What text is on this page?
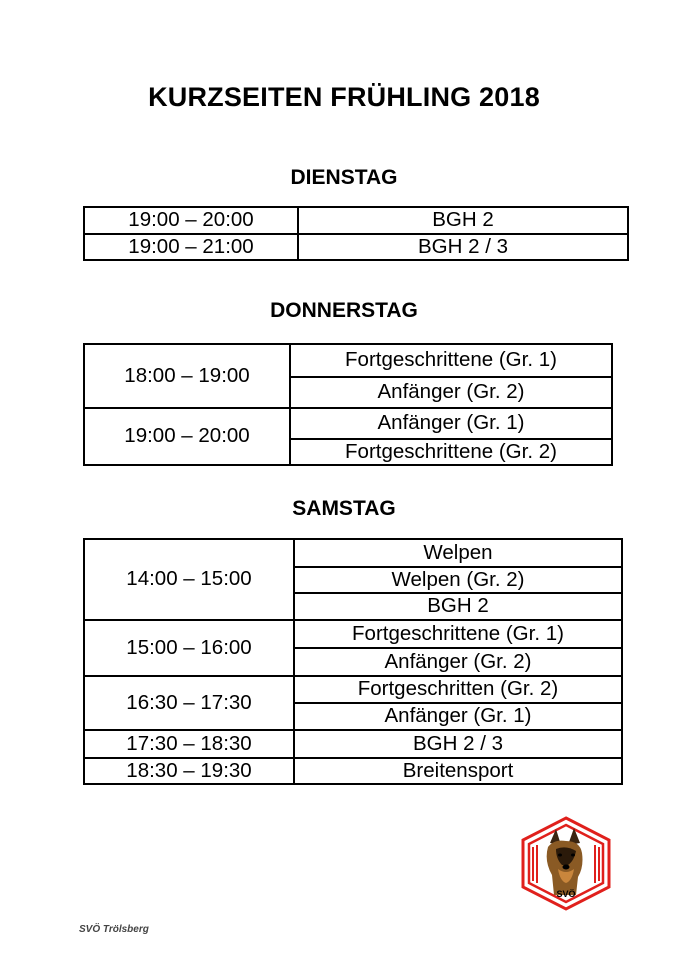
KURZSEITEN FRÜHLING 2018
DIENSTAG
19:00 – 20:00	BGH 2
19:00 – 21:00	BGH 2 / 3
DONNERSTAG
18:00 – 19:00	Fortgeschrittene (Gr. 1)
	Anfänger (Gr. 2)
19:00 – 20:00	Anfänger (Gr. 1)
	Fortgeschrittene (Gr. 2)
SAMSTAG
14:00 – 15:00	Welpen
	Welpen (Gr. 2)
	BGH 2
15:00 – 16:00	Fortgeschrittene (Gr. 1)
	Anfänger (Gr. 2)
16:30 – 17:30	Fortgeschritten (Gr. 2)
	Anfänger (Gr. 1)
17:30 – 18:30	BGH 2 / 3
18:30 – 19:30	Breitensport
SVÖ
SVÖ Trölsberg
